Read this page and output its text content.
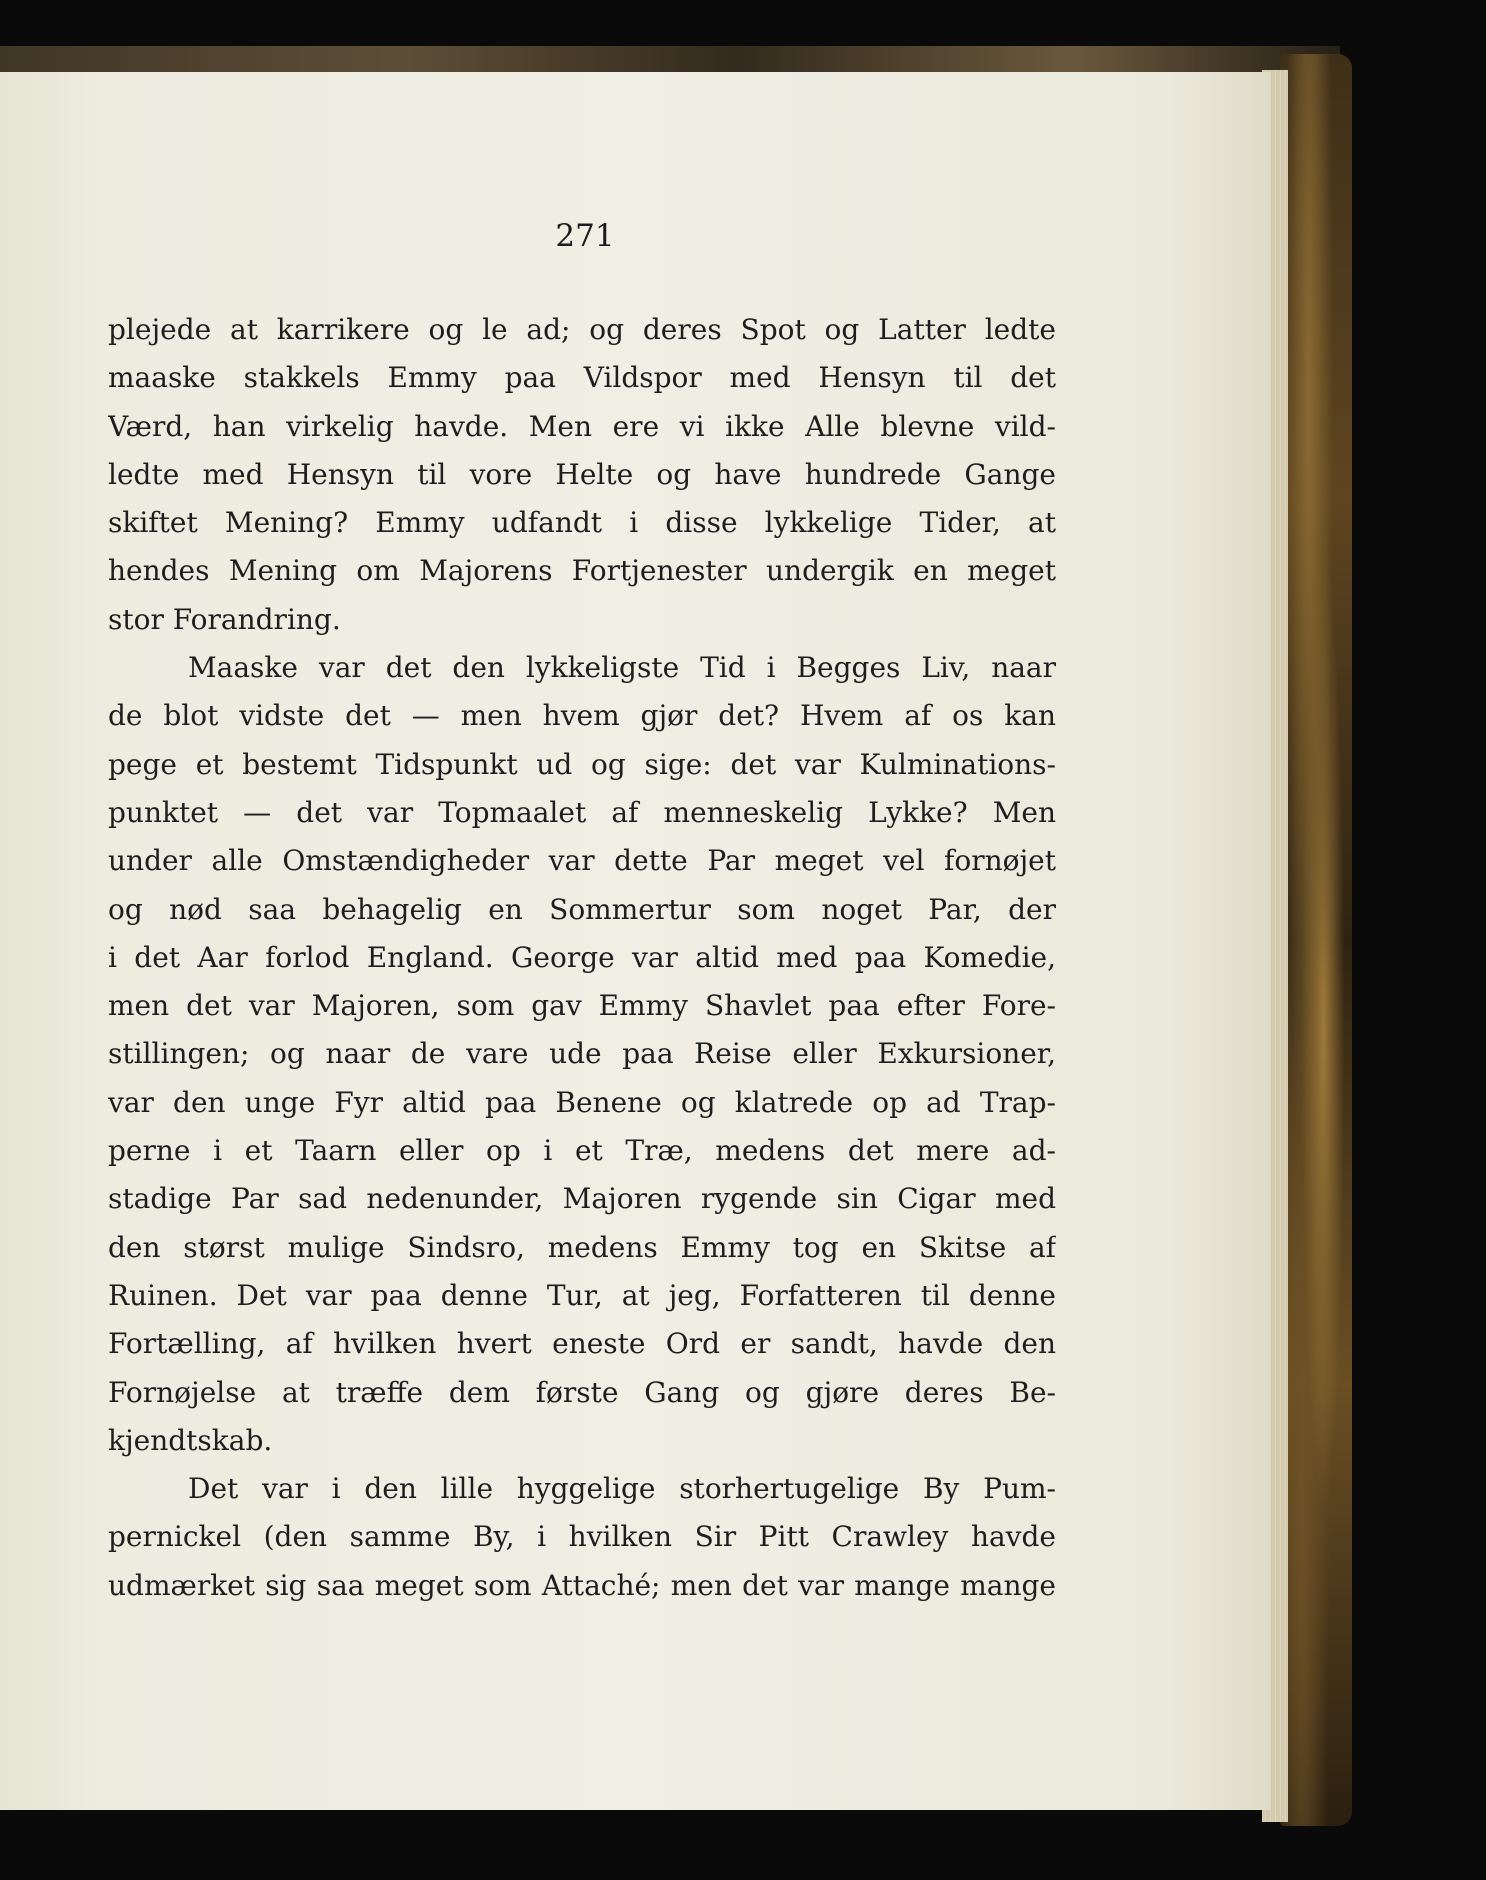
271
plejede at karrikere og le ad; og deres Spot og Latter ledte
maaske stakkels Emmy paa Vildspor med Hensyn til det
Værd, han virkelig havde. Men ere vi ikke Alle blevne vild-
ledte med Hensyn til vore Helte og have hundrede Gange
skiftet Mening? Emmy udfandt i disse lykkelige Tider, at
hendes Mening om Majorens Fortjenester undergik en meget
stor Forandring.
Maaske var det den lykkeligste Tid i Begges Liv, naar
de blot vidste det — men hvem gjør det? Hvem af os kan
pege et bestemt Tidspunkt ud og sige: det var Kulminations-
punktet — det var Topmaalet af menneskelig Lykke? Men
under alle Omstændigheder var dette Par meget vel fornøjet
og nød saa behagelig en Sommertur som noget Par, der
i det Aar forlod England. George var altid med paa Komedie,
men det var Majoren, som gav Emmy Shavlet paa efter Fore-
stillingen; og naar de vare ude paa Reise eller Exkursioner,
var den unge Fyr altid paa Benene og klatrede op ad Trap-
perne i et Taarn eller op i et Træ, medens det mere ad-
stadige Par sad nedenunder, Majoren rygende sin Cigar med
den størst mulige Sindsro, medens Emmy tog en Skitse af
Ruinen. Det var paa denne Tur, at jeg, Forfatteren til denne
Fortælling, af hvilken hvert eneste Ord er sandt, havde den
Fornøjelse at træffe dem første Gang og gjøre deres Be-
kjendtskab.
Det var i den lille hyggelige storhertugelige By Pum-
pernickel (den samme By, i hvilken Sir Pitt Crawley havde
udmærket sig saa meget som Attaché; men det var mange mange
